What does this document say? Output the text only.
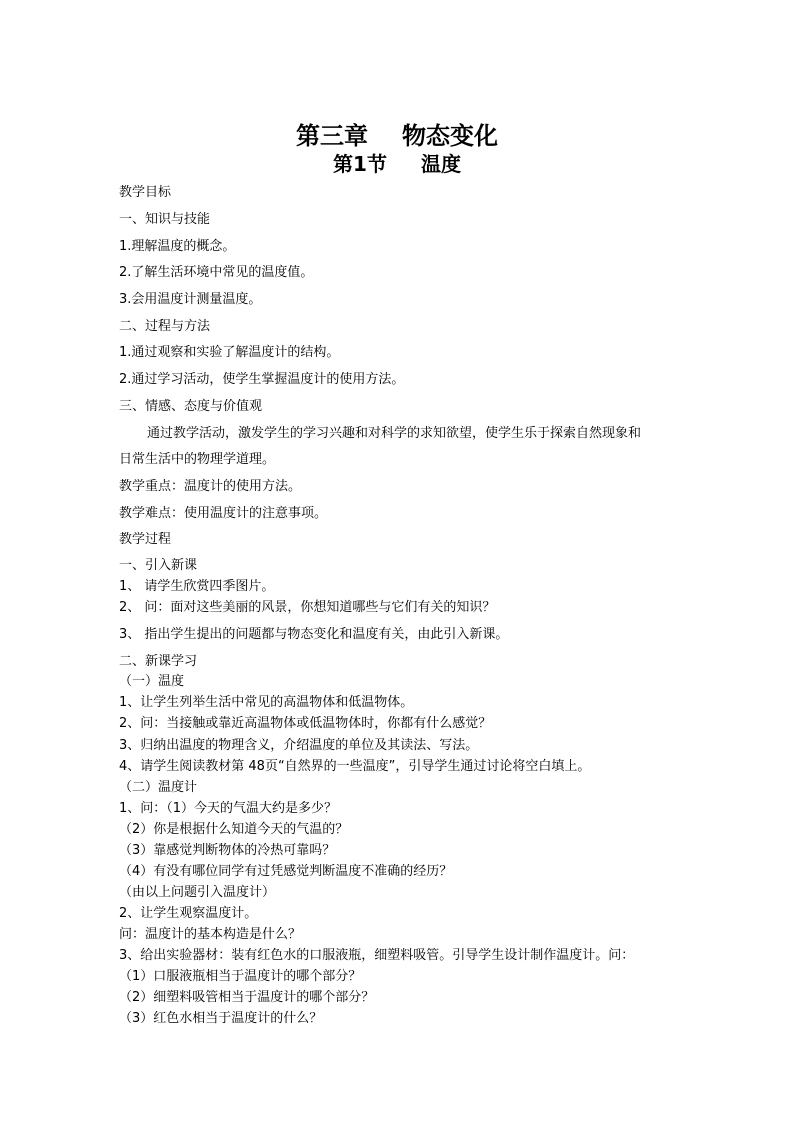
第三章 物态变化
第1节 温度
教学目标
一、知识与技能
1.理解温度的概念。
2.了解生活环境中常见的温度值。
3.会用温度计测量温度。
二、过程与方法
1.通过观察和实验了解温度计的结构。
2.通过学习活动，使学生掌握温度计的使用方法。
三、情感、态度与价值观
通过教学活动，激发学生的学习兴趣和对科学的求知欲望，使学生乐于探索自然现象和
日常生活中的物理学道理。
教学重点：温度计的使用方法。
教学难点：使用温度计的注意事项。
教学过程
一、引入新课
1、 请学生欣赏四季图片。
2、 问：面对这些美丽的风景，你想知道哪些与它们有关的知识？
3、 指出学生提出的问题都与物态变化和温度有关，由此引入新课。
二、新课学习
（一）温度
1、让学生列举生活中常见的高温物体和低温物体。
2、问：当接触或靠近高温物体或低温物体时，你都有什么感觉？
3、归纳出温度的物理含义，介绍温度的单位及其读法、写法。
4、请学生阅读教材第 48页“自然界的一些温度”，引导学生通过讨论将空白填上。
（二）温度计
1、问：（1）今天的气温大约是多少？
（2）你是根据什么知道今天的气温的？
（3）靠感觉判断物体的冷热可靠吗？
（4）有没有哪位同学有过凭感觉判断温度不准确的经历？
（由以上问题引入温度计）
2、让学生观察温度计。
问：温度计的基本构造是什么？
3、给出实验器材：装有红色水的口服液瓶，细塑料吸管。引导学生设计制作温度计。问：
（1）口服液瓶相当于温度计的哪个部分？
（2）细塑料吸管相当于温度计的哪个部分？
（3）红色水相当于温度计的什么？
